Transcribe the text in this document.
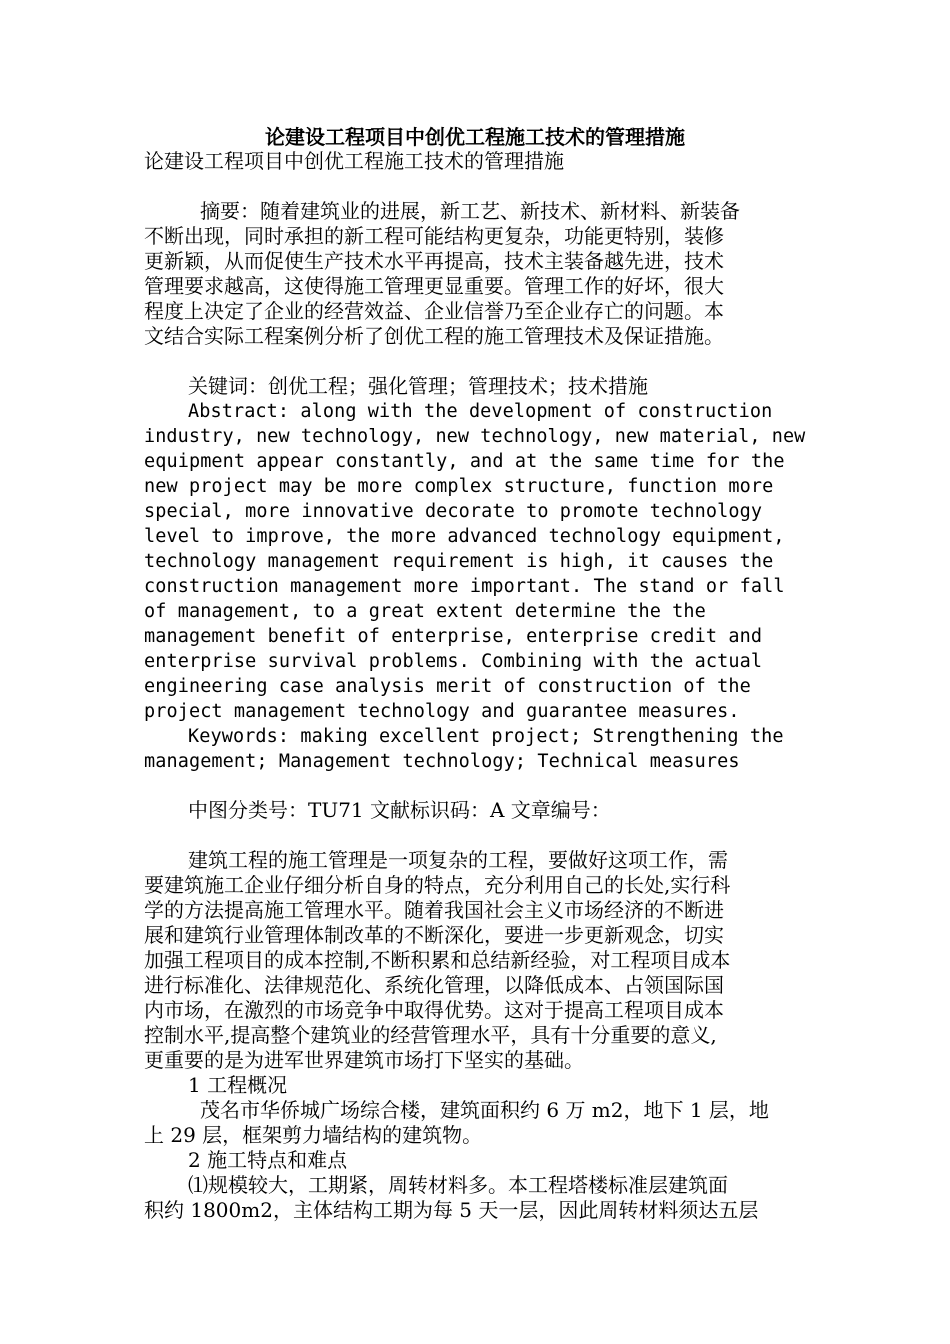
论建设工程项目中创优工程施工技术的管理措施
论建设工程项目中创优工程施工技术的管理措施
摘要：随着建筑业的进展，新工艺、新技术、新材料、新装备
不断出现，同时承担的新工程可能结构更复杂，功能更特别，装修
更新颖，从而促使生产技术水平再提高，技术主装备越先进，技术
管理要求越高，这使得施工管理更显重要。管理工作的好坏，很大
程度上决定了企业的经营效益、企业信誉乃至企业存亡的问题。本
文结合实际工程案例分析了创优工程的施工管理技术及保证措施。
关键词：创优工程；强化管理；管理技术；技术措施
Abstract: along with the development of construction
industry, new technology, new technology, new material, new
equipment appear constantly, and at the same time for the
new project may be more complex structure, function more
special, more innovative decorate to promote technology
level to improve, the more advanced technology equipment,
technology management requirement is high, it causes the
construction management more important. The stand or fall
of management, to a great extent determine the the
management benefit of enterprise, enterprise credit and
enterprise survival problems. Combining with the actual
engineering case analysis merit of construction of the
project management technology and guarantee measures.
Keywords: making excellent project; Strengthening the
management; Management technology; Technical measures
中图分类号：TU71 文献标识码：A 文章编号：
建筑工程的施工管理是一项复杂的工程，要做好这项工作，需
要建筑施工企业仔细分析自身的特点，充分利用自己的长处,实行科
学的方法提高施工管理水平。随着我国社会主义市场经济的不断进
展和建筑行业管理体制改革的不断深化，要进一步更新观念，切实
加强工程项目的成本控制,不断积累和总结新经验，对工程项目成本
进行标准化、法律规范化、系统化管理，以降低成本、占领国际国
内市场，在激烈的市场竞争中取得优势。这对于提高工程项目成本
控制水平,提高整个建筑业的经营管理水平，具有十分重要的意义,
更重要的是为进军世界建筑市场打下坚实的基础。
1 工程概况
茂名市华侨城广场综合楼，建筑面积约 6 万 m2，地下 1 层，地
上 29 层，框架剪力墙结构的建筑物。
2 施工特点和难点
⑴规模较大，工期紧，周转材料多。本工程塔楼标准层建筑面
积约 1800m2，主体结构工期为每 5 天一层，因此周转材料须达五层
